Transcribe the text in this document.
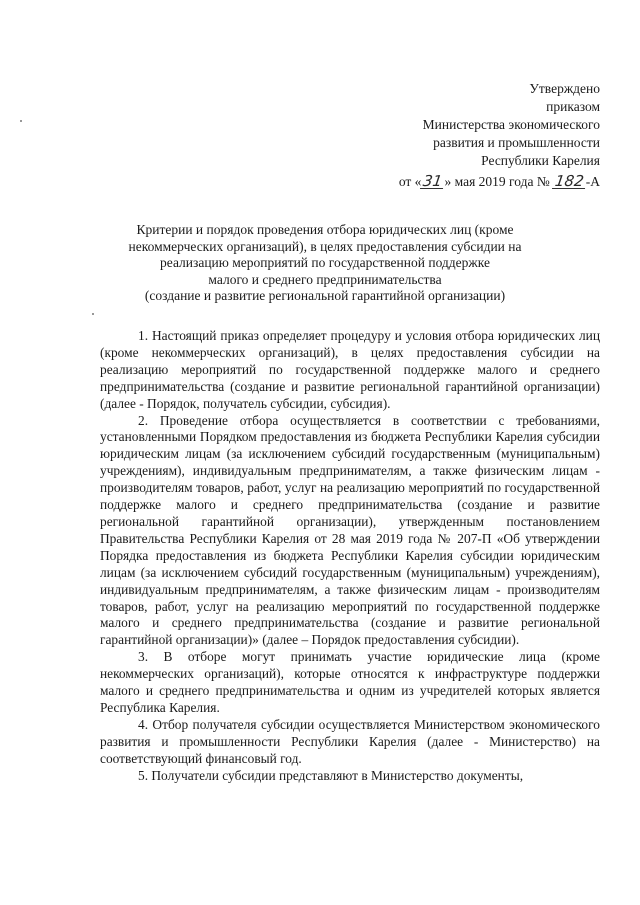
Утверждено
приказом
Министерства экономического
развития и промышленности
Республики Карелия
от «31» мая 2019 года № 182-А
Критерии и порядок проведения отбора юридических лиц (кроме
некоммерческих организаций), в целях предоставления субсидии на
реализацию мероприятий по государственной поддержке
малого и среднего предпринимательства
(создание и развитие региональной гарантийной организации)

1. Настоящий приказ определяет процедуру и условия отбора юридических лиц (кроме некоммерческих организаций), в целях предоставления субсидии на реализацию мероприятий по государственной поддержке малого и среднего предпринимательства (создание и развитие региональной гарантийной организации) (далее - Порядок, получатель субсидии, субсидия).

2. Проведение отбора осуществляется в соответствии с требованиями, установленными Порядком предоставления из бюджета Республики Карелия субсидии юридическим лицам (за исключением субсидий государственным (муниципальным) учреждениям), индивидуальным предпринимателям, а также физическим лицам - производителям товаров, работ, услуг на реализацию мероприятий по государственной поддержке малого и среднего предпринимательства (создание и развитие региональной гарантийной организации), утвержденным постановлением Правительства Республики Карелия от 28 мая 2019 года № 207-П «Об утверждении Порядка предоставления из бюджета Республики Карелия субсидии юридическим лицам (за исключением субсидий государственным (муниципальным) учреждениям), индивидуальным предпринимателям, а также физическим лицам - производителям товаров, работ, услуг на реализацию мероприятий по государственной поддержке малого и среднего предпринимательства (создание и развитие региональной гарантийной организации)» (далее – Порядок предоставления субсидии).

3. В отборе могут принимать участие юридические лица (кроме некоммерческих организаций), которые относятся к инфраструктуре поддержки малого и среднего предпринимательства и одним из учредителей которых является Республика Карелия.

4. Отбор получателя субсидии осуществляется Министерством экономического развития и промышленности Республики Карелия (далее - Министерство) на соответствующий финансовый год.

5. Получатели субсидии представляют в Министерство документы,
